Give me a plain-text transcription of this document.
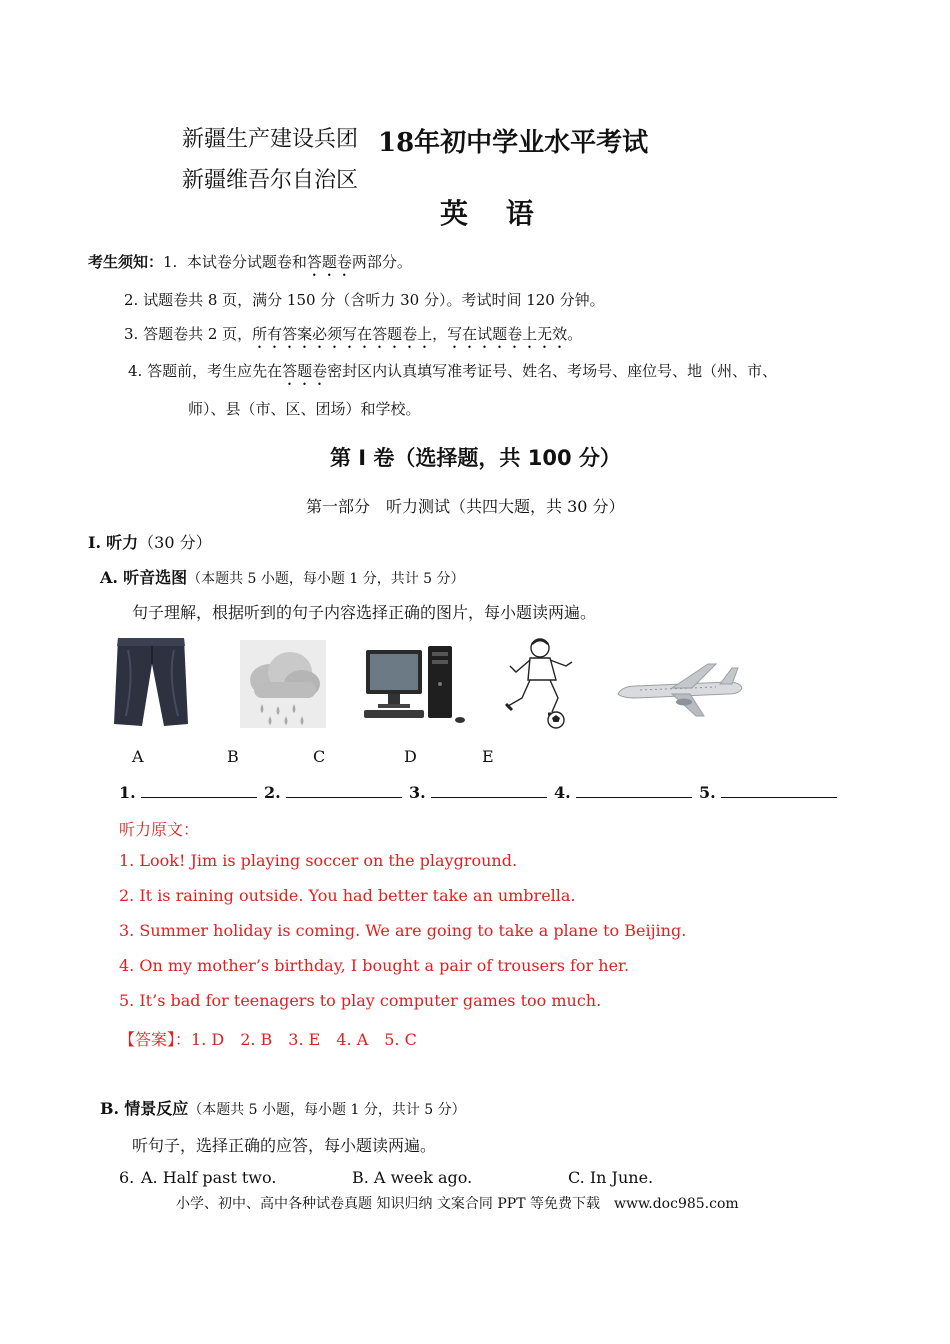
新疆生产建设兵团 18年初中学业水平考试
新疆维吾尔自治区
英 语
考生须知：1. 本试卷分试题卷和答题卷两部分。
2. 试题卷共 8 页，满分 150 分（含听力 30 分）。考试时间 120 分钟。
3. 答题卷共 2 页，所有答案必须写在答题卷上，写在试题卷上无效。
4. 答题前，考生应先在答题卷密封区内认真填写准考证号、姓名、考场号、座位号、地（州、市、
师）、县（市、区、团场）和学校。
第 I 卷（选择题，共 100 分）
第一部分　听力测试（共四大题，共 30 分）
I. 听力（30 分）
A. 听音选图（本题共 5 小题，每小题 1 分，共计 5 分）
句子理解，根据听到的句子内容选择正确的图片，每小题读两遍。
A	B	C	D	E
1.	2.	3.	4.	5.
听力原文：
1. Look! Jim is playing soccer on the playground.
2. It is raining outside. You had better take an umbrella.
3. Summer holiday is coming. We are going to take a plane to Beijing.
4. On my mother’s birthday, I bought a pair of trousers for her.
5. It’s bad for teenagers to play computer games too much.
【答案】：1. D　2. B　3. E　4. A　5. C
B. 情景反应（本题共 5 小题，每小题 1 分，共计 5 分）
听句子，选择正确的应答，每小题读两遍。
6. A. Half past two.	B. A week ago.	C. In June.
小学、初中、高中各种试卷真题 知识归纳 文案合同 PPT 等免费下载　www.doc985.com
